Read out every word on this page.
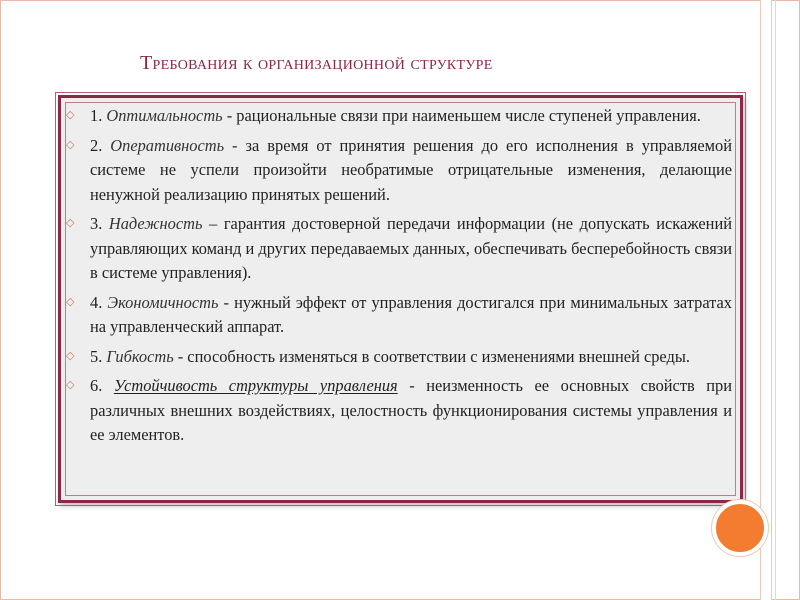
Требования к организационной структуре
◇ 1. Оптимальность - рациональные связи при наименьшем числе ступеней управления.
◇ 2. Оперативность - за время от принятия решения до его исполнения в управляемой системе не успели произойти необратимые отрицательные изменения, делающие ненужной реализацию принятых решений.
◇ 3. Надежность – гарантия достоверной передачи информации (не допускать искажений управляющих команд и других передаваемых данных, обеспечивать бесперебойность связи в системе управления).
◇ 4. Экономичность - нужный эффект от управления достигался при минимальных затратах на управленческий аппарат.
◇ 5. Гибкость - способность изменяться в соответствии с изменениями внешней среды.
◇ 6. Устойчивость структуры управления - неизменность ее основных свойств при различных внешних воздействиях, целостность функционирования системы управления и ее элементов.
